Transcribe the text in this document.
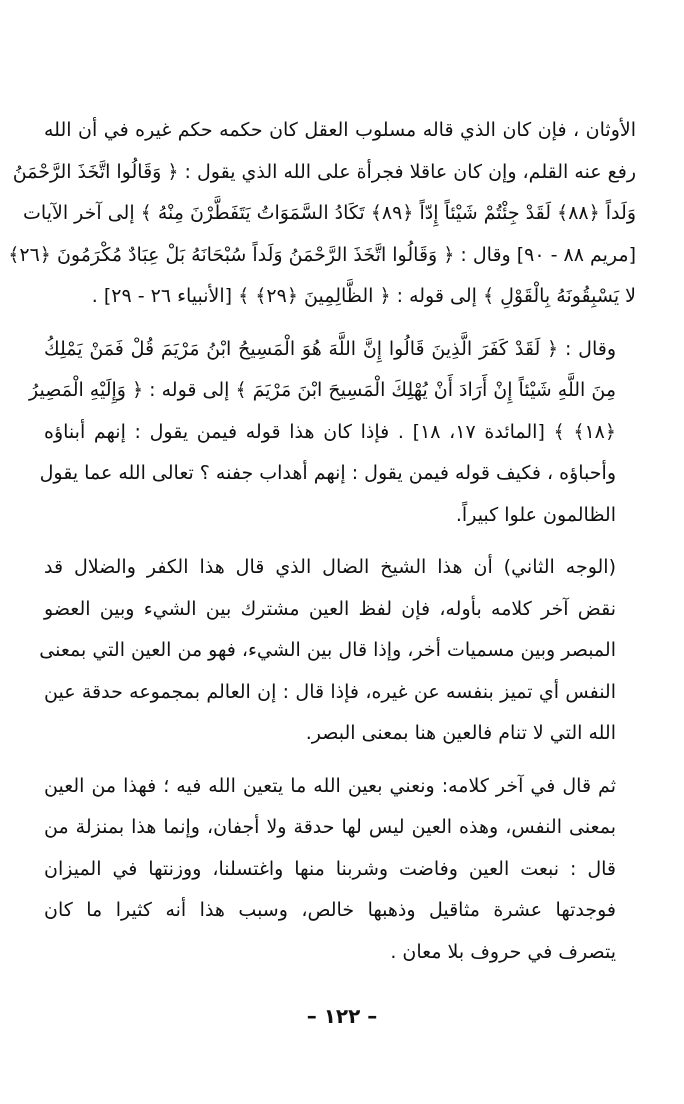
الأوثان ، فإن كان الذي قاله مسلوب العقل كان حكمه حكم غيره في أن الله
رفع عنه القلم، وإن كان عاقلا فجرأة على الله الذي يقول : ﴿ وَقَالُوا اتَّخَذَ الرَّحْمَنُ
وَلَداً ﴿٨٨﴾ لَقَدْ جِئْتُمْ شَيْئاً إِدّاً ﴿٨٩﴾ تَكَادُ السَّمَوَاتُ يَتَفَطَّرْنَ مِنْهُ ﴾ إلى آخر الآيات
[مريم ٨٨ - ٩٠] وقال : ﴿ وَقَالُوا اتَّخَذَ الرَّحْمَنُ وَلَداً سُبْحَانَهُ بَلْ عِبَادٌ مُكْرَمُونَ ﴿٢٦﴾
لا يَسْبِقُونَهُ بِالْقَوْلِ ﴾ إلى قوله : ﴿ الظَّالِمِينَ ﴿٢٩﴾ ﴾ [الأنبياء ٢٦ - ٢٩] .

وقال : ﴿ لَقَدْ كَفَرَ الَّذِينَ قَالُوا إِنَّ اللَّهَ هُوَ الْمَسِيحُ ابْنُ مَرْيَمَ قُلْ فَمَنْ يَمْلِكُ
مِنَ اللَّهِ شَيْئاً إِنْ أَرَادَ أَنْ يُهْلِكَ الْمَسِيحَ ابْنَ مَرْيَمَ ﴾ إلى قوله : ﴿ وَإِلَيْهِ الْمَصِيرُ
﴿١٨﴾ ﴾ [المائدة ١٧، ١٨] . فإذا كان هذا قوله فيمن يقول : إنهم أبناؤه
وأحباؤه ، فكيف قوله فيمن يقول : إنهم أهداب جفنه ؟ تعالى الله عما يقول
الظالمون علوا كبيراً.

(الوجه الثاني) أن هذا الشيخ الضال الذي قال هذا الكفر والضلال قد
نقض آخر كلامه بأوله، فإن لفظ العين مشترك بين الشيء وبين العضو
المبصر وبين مسميات أخر، وإذا قال بين الشيء، فهو من العين التي بمعنى
النفس أي تميز بنفسه عن غيره، فإذا قال : إن العالم بمجموعه حدقة عين
الله التي لا تنام فالعين هنا بمعنى البصر.

ثم قال في آخر كلامه: ونعني بعين الله ما يتعين الله فيه ؛ فهذا من العين
بمعنى النفس، وهذه العين ليس لها حدقة ولا أجفان، وإنما هذا بمنزلة من
قال : نبعت العين وفاضت وشربنا منها واغتسلنا، ووزنتها في الميزان
فوجدتها عشرة مثاقيل وذهبها خالص، وسبب هذا أنه كثيرا ما كان
يتصرف في حروف بلا معان .

– ١٢٢ –
